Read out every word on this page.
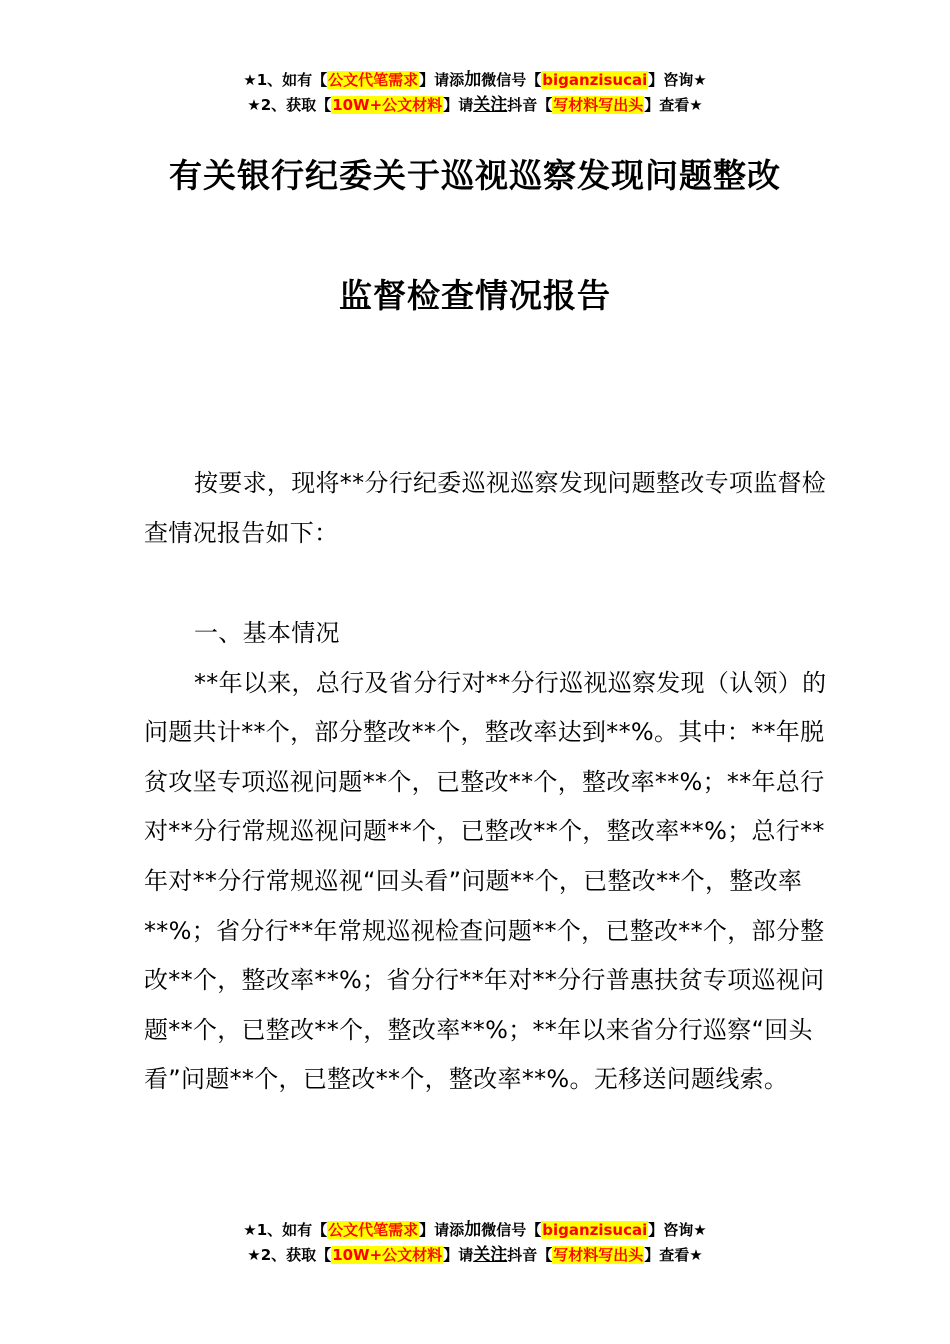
★1、如有【公文代笔需求】请添加微信号【biganzisucai】咨询★
★2、获取【10W+公文材料】请关注抖音【写材料写出头】查看★
有关银行纪委关于巡视巡察发现问题整改
监督检查情况报告

按要求，现将**分行纪委巡视巡察发现问题整改专项监督检查情况报告如下：

一、基本情况

**年以来，总行及省分行对**分行巡视巡察发现（认领）的问题共计**个，部分整改**个，整改率达到**%。其中：**年脱贫攻坚专项巡视问题**个，已整改**个，整改率**%；**年总行对**分行常规巡视问题**个，已整改**个，整改率**%；总行**年对**分行常规巡视“回头看”问题**个，已整改**个，整改率**%；省分行**年常规巡视检查问题**个，已整改**个，部分整改**个，整改率**%；省分行**年对**分行普惠扶贫专项巡视问题**个，已整改**个，整改率**%；**年以来省分行巡察“回头看”问题**个，已整改**个，整改率**%。无移送问题线索。

★1、如有【公文代笔需求】请添加微信号【biganzisucai】咨询★
★2、获取【10W+公文材料】请关注抖音【写材料写出头】查看★
